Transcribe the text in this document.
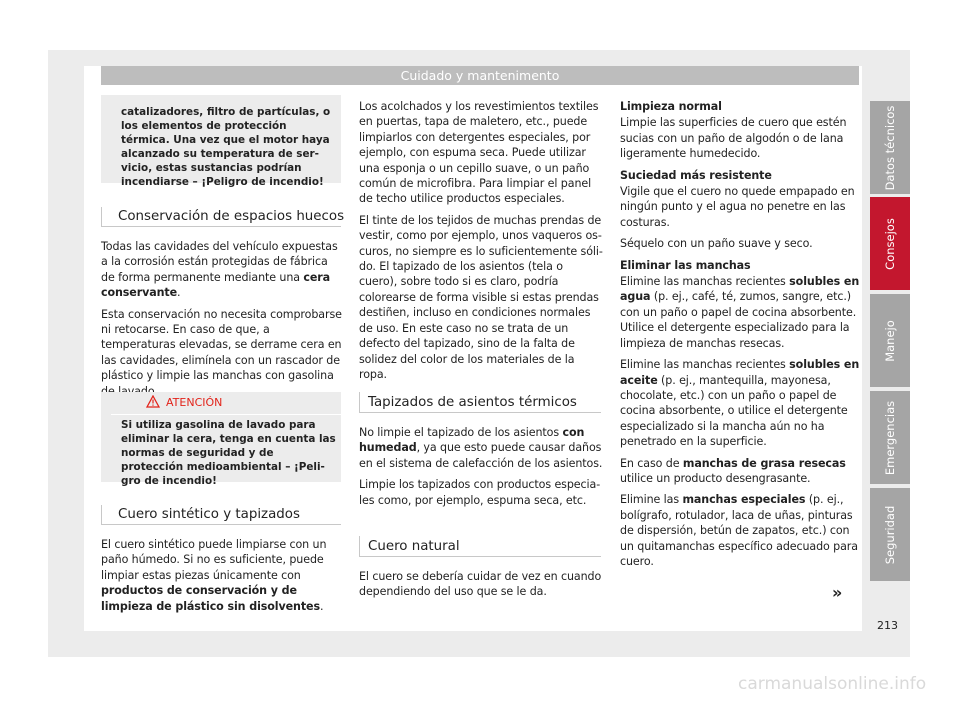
Cuidado y mantenimento
catalizadores, filtro de partículas, o los elementos de protección térmica. Una vez que el motor haya alcanzado su temperatura de servicio, estas sustancias podrían incendiarse – ¡Peligro de incendio!
Conservación de espacios huecos

Todas las cavidades del vehículo expuestas a la corrosión están protegidas de fábrica de forma permanente mediante una cera conservante.

Esta conservación no necesita comprobarse ni retocarse. En caso de que, a temperaturas elevadas, se derrame cera en las cavidades, elimínela con un rascador de plástico y limpie las manchas con gasolina

ATENCIÓN
Si utiliza gasolina de lavado para eliminar la cera, tenga en cuenta las normas de seguridad y de protección medioambiental – ¡Peligro de incendio!
Cuero sintético y tapizados

El cuero sintético puede limpiarse con un paño húmedo. Si no es suficiente, puede limpiar estas piezas únicamente con productos de conservación y de limpieza de plástico sin disolventes.

Los acolchados y los revestimientos textiles en puertas, tapa de maletero, etc., puede limpiarlos con detergentes especiales, por ejemplo, con espuma seca. Puede utilizar una esponja o un cepillo suave, o un paño común de microfibra. Para limpiar el panel de techo utilice productos especiales.

El tinte de los tejidos de muchas prendas de vestir, como por ejemplo, unos vaqueros oscuros, no siempre es lo suficientemente sólido. El tapizado de los asientos (tela o cuero), sobre todo si es claro, podría colorearse de forma visible si estas prendas destiñen, incluso en condiciones normales de uso. En este caso no se trata de un defecto del tapizado, sino de la falta de solidez del color de los materiales de la ropa.

Tapizados de asientos térmicos

No limpie el tapizado de los asientos con humedad, ya que esto puede causar daños en el sistema de calefacción de los asientos.

Limpie los tapizados con productos especiales como, por ejemplo, espuma seca, etc.

Cuero natural

El cuero se debería cuidar de vez en cuando dependiendo del uso que se le da.

Limpieza normal

Limpie las superficies de cuero que estén sucias con un paño de algodón o de lana ligeramente humedecido.

Suciedad más resistente

Vigile que el cuero no quede empapado en ningún punto y el agua no penetre en las costuras.

Séquelo con un paño suave y seco.

Eliminar las manchas

Elimine las manchas recientes solubles en agua (p. ej., café, té, zumos, sangre, etc.) con un paño o papel de cocina absorbente. Utilice el detergente especializado para la limpieza de manchas resecas.

Elimine las manchas recientes solubles en aceite (p. ej., mantequilla, mayonesa, chocolate, etc.) con un paño o papel de cocina absorbente, o utilice el detergente especializado si la mancha aún no ha penetrado en la superficie.

En caso de manchas de grasa resecas utilice un producto desengrasante.

Elimine las manchas especiales (p. ej., bolígrafo, rotulador, laca de uñas, pinturas de dispersión, betún de zapatos, etc.) con un quitamanchas específico adecuado para cuero.

»
Datos técnicos
Consejos
Manejo
Emergencias
Seguridad
213
carmanualsonline.info
